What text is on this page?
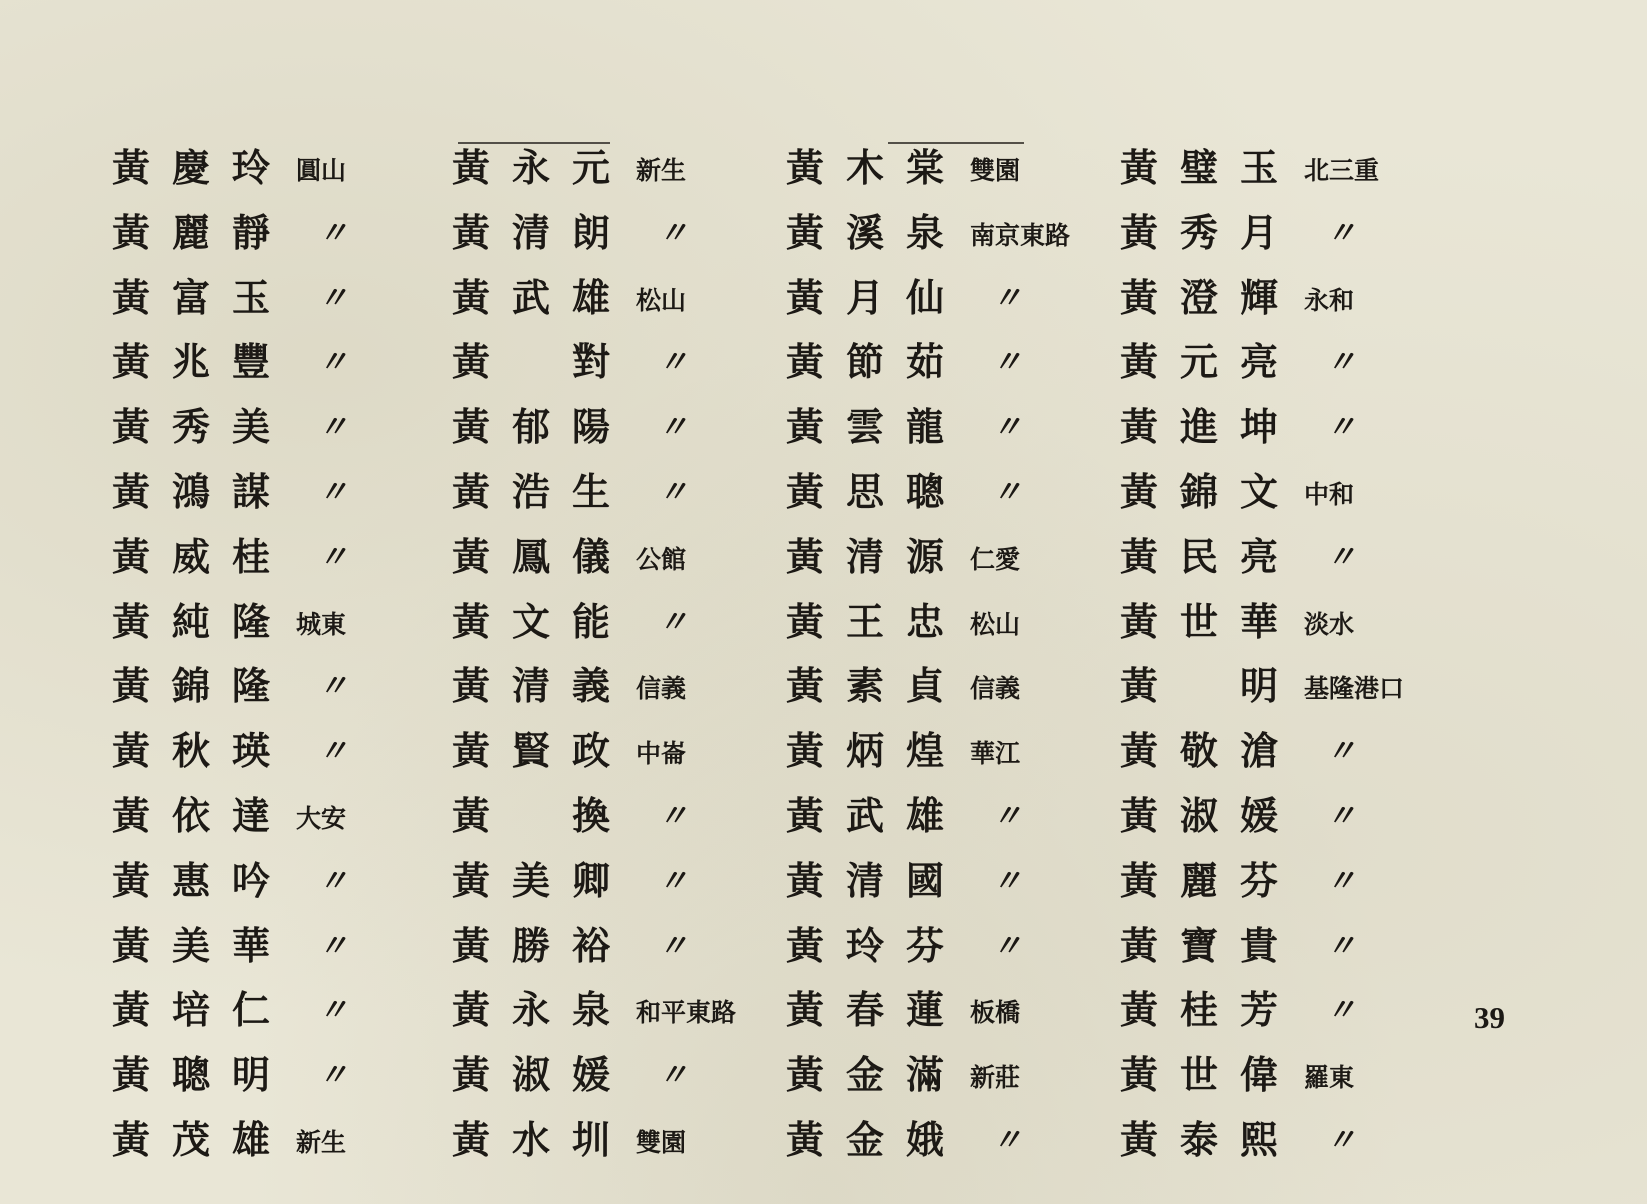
黃 慶 玲 圓山
黃 麗 靜 〃
黃 富 玉 〃
黃 兆 豐 〃
黃 秀 美 〃
黃 鴻 謀 〃
黃 威 桂 〃
黃 純 隆 城東
黃 錦 隆 〃
黃 秋 瑛 〃
黃 依 達 大安
黃 惠 吟 〃
黃 美 華 〃
黃 培 仁 〃
黃 聰 明 〃
黃 茂 雄 新生
黃 永 元 新生
黃 清 朗 〃
黃 武 雄 松山
黃 對 〃
黃 郁 陽 〃
黃 浩 生 〃
黃 鳳 儀 公館
黃 文 能 〃
黃 清 義 信義
黃 賢 政 中崙
黃 換 〃
黃 美 卿 〃
黃 勝 裕 〃
黃 永 泉 和平東路
黃 淑 媛 〃
黃 水 圳 雙園
黃 木 棠 雙園
黃 溪 泉 南京東路
黃 月 仙 〃
黃 節 茹 〃
黃 雲 龍 〃
黃 思 聰 〃
黃 清 源 仁愛
黃 王 忠 松山
黃 素 貞 信義
黃 炳 煌 華江
黃 武 雄 〃
黃 清 國 〃
黃 玲 芬 〃
黃 春 蓮 板橋
黃 金 滿 新莊
黃 金 娥 〃
黃 璧 玉 北三重
黃 秀 月 〃
黃 澄 輝 永和
黃 元 亮 〃
黃 進 坤 〃
黃 錦 文 中和
黃 民 亮 〃
黃 世 華 淡水
黃 明 基隆港口
黃 敬 滄 〃
黃 淑 媛 〃
黃 麗 芬 〃
黃 寶 貴 〃
黃 桂 芳 〃
黃 世 偉 羅東
黃 泰 熙 〃
39
